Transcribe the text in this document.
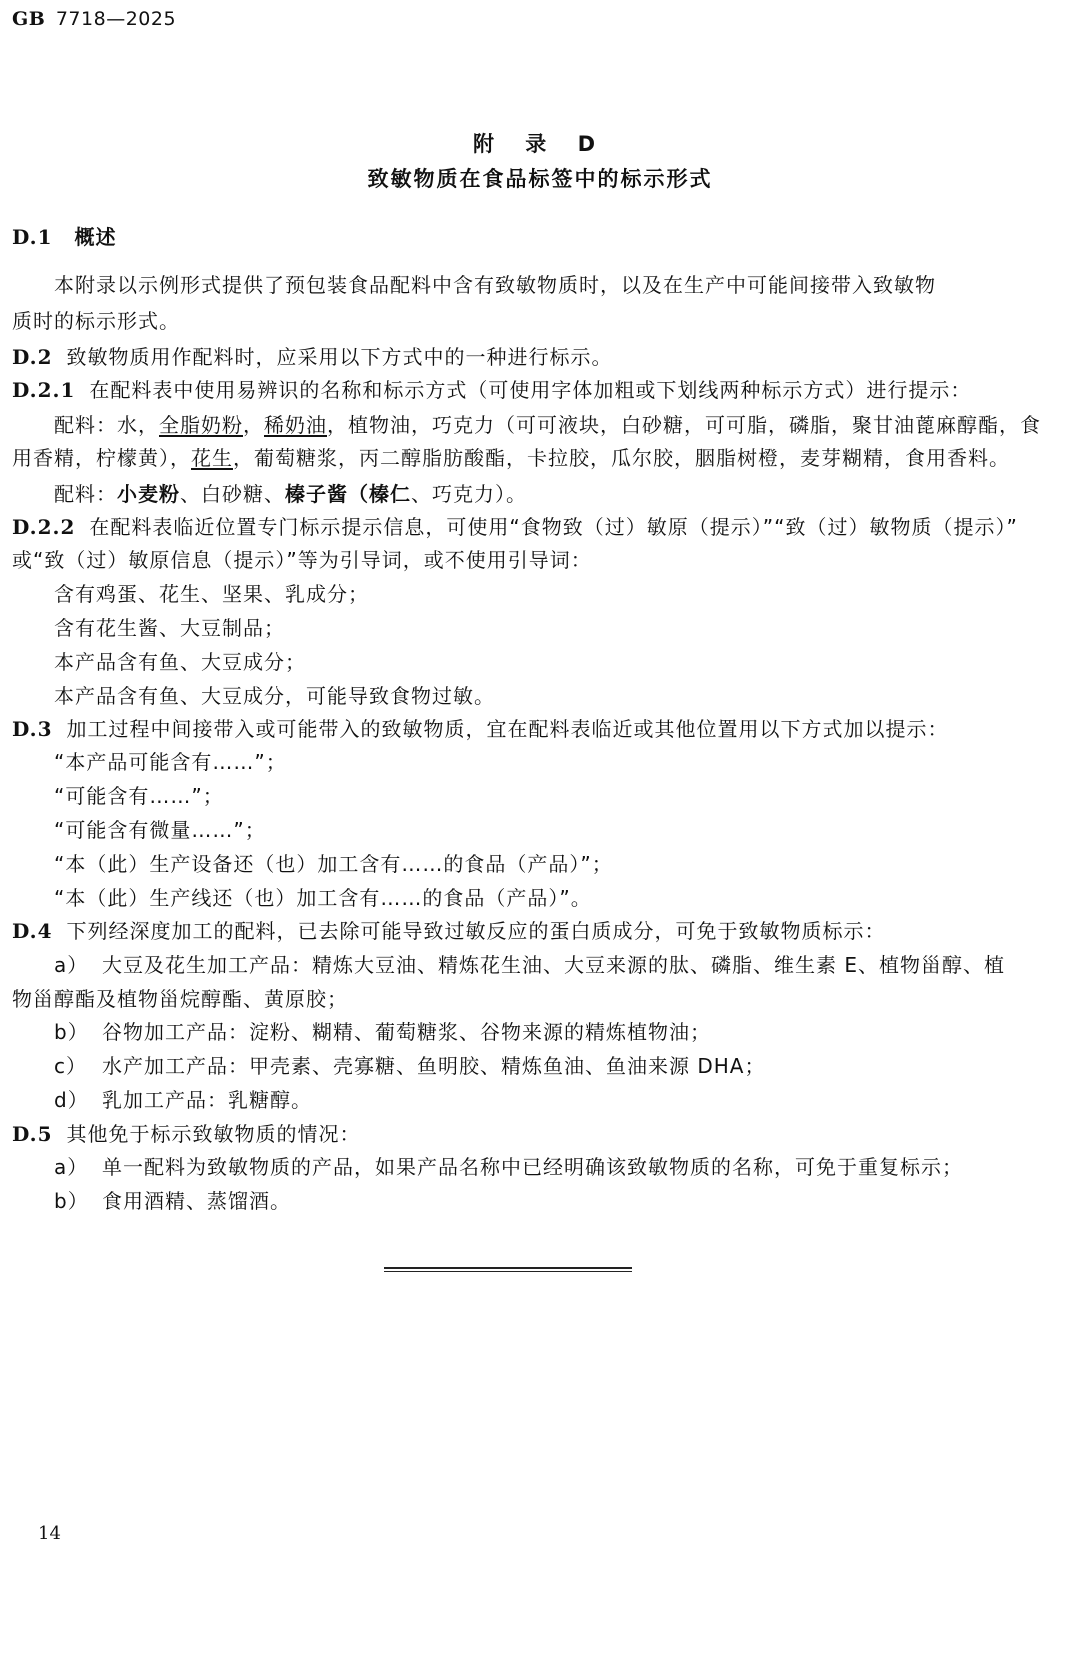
GB 7718—2025
附 录 D
致敏物质在食品标签中的标示形式
D.1 概述
本附录以示例形式提供了预包装食品配料中含有致敏物质时，以及在生产中可能间接带入致敏物
质时的标示形式。
D.2 致敏物质用作配料时，应采用以下方式中的一种进行标示。
D.2.1 在配料表中使用易辨识的名称和标示方式（可使用字体加粗或下划线两种标示方式）进行提示：
配料：水，全脂奶粉，稀奶油，植物油，巧克力（可可液块，白砂糖，可可脂，磷脂，聚甘油蓖麻醇酯，食
用香精，柠檬黄），花生，葡萄糖浆，丙二醇脂肪酸酯，卡拉胶，瓜尔胶，胭脂树橙，麦芽糊精，食用香料。
配料：小麦粉、白砂糖、榛子酱（榛仁、巧克力）。
D.2.2 在配料表临近位置专门标示提示信息，可使用“食物致（过）敏原（提示）”“致（过）敏物质（提示）”
或“致（过）敏原信息（提示）”等为引导词，或不使用引导词：
含有鸡蛋、花生、坚果、乳成分；
含有花生酱、大豆制品；
本产品含有鱼、大豆成分；
本产品含有鱼、大豆成分，可能导致食物过敏。
D.3 加工过程中间接带入或可能带入的致敏物质，宜在配料表临近或其他位置用以下方式加以提示：
“本产品可能含有……”；
“可能含有……”；
“可能含有微量……”；
“本（此）生产设备还（也）加工含有……的食品（产品）”；
“本（此）生产线还（也）加工含有……的食品（产品）”。
D.4 下列经深度加工的配料，已去除可能导致过敏反应的蛋白质成分，可免于致敏物质标示：
a） 大豆及花生加工产品：精炼大豆油、精炼花生油、大豆来源的肽、磷脂、维生素 E、植物甾醇、植
物甾醇酯及植物甾烷醇酯、黄原胶；
b） 谷物加工产品：淀粉、糊精、葡萄糖浆、谷物来源的精炼植物油；
c） 水产加工产品：甲壳素、壳寡糖、鱼明胶、精炼鱼油、鱼油来源 DHA；
d） 乳加工产品：乳糖醇。
D.5 其他免于标示致敏物质的情况：
a） 单一配料为致敏物质的产品，如果产品名称中已经明确该致敏物质的名称，可免于重复标示；
b） 食用酒精、蒸馏酒。
14
